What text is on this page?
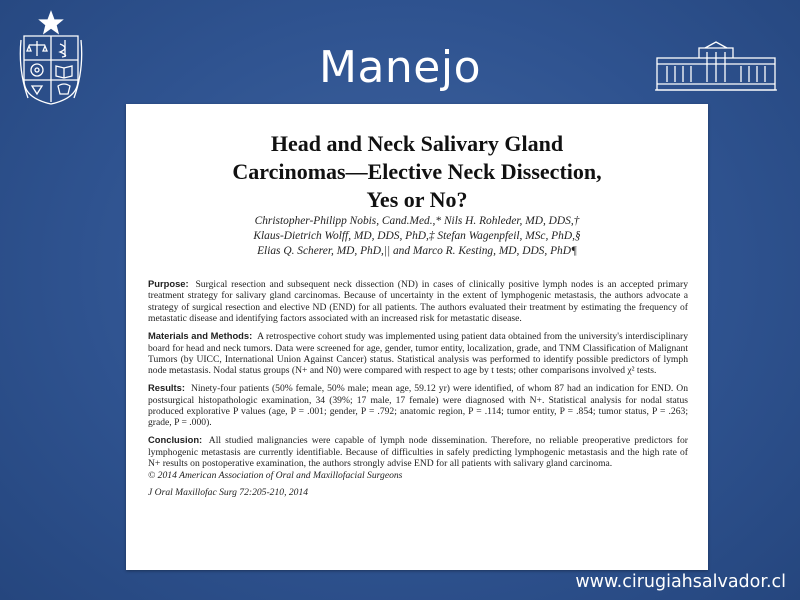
Manejo
Head and Neck Salivary Gland
Carcinomas—Elective Neck Dissection,
Yes or No?
Christopher-Philipp Nobis, Cand.Med.,* Nils H. Rohleder, MD, DDS,†
Klaus-Dietrich Wolff, MD, DDS, PhD,‡ Stefan Wagenpfeil, MSc, PhD,§
Elias Q. Scherer, MD, PhD,|| and Marco R. Kesting, MD, DDS, PhD¶

Purpose: Surgical resection and subsequent neck dissection (ND) in cases of clinically positive lymph nodes is an accepted primary treatment strategy for salivary gland carcinomas. Because of uncertainty in the extent of lymphogenic metastasis, the authors advocate a strategy of surgical resection and elective ND (END) for all patients. The authors evaluated their treatment by estimating the frequency of metastatic disease and identifying factors associated with an increased risk for metastatic disease.

Materials and Methods: A retrospective cohort study was implemented using patient data obtained from the university's interdisciplinary board for head and neck tumors. Data were screened for age, gender, tumor entity, localization, grade, and TNM Classification of Malignant Tumors (by UICC, International Union Against Cancer) status. Statistical analysis was performed to identify possible predictors of lymph node metastasis. Nodal status groups (N+ and N0) were compared with respect to age by t tests; other comparisons involved χ² tests.

Results: Ninety-four patients (50% female, 50% male; mean age, 59.12 yr) were identified, of whom 87 had an indication for END. On postsurgical histopathologic examination, 34 (39%; 17 male, 17 female) were diagnosed with N+. Statistical analysis for nodal status produced explorative P values (age, P = .001; gender, P = .792; anatomic region, P = .114; tumor entity, P = .854; tumor status, P = .263; grade, P = .000).

Conclusion: All studied malignancies were capable of lymph node dissemination. Therefore, no reliable preoperative predictors for lymphogenic metastasis are currently identifiable. Because of difficulties in safely predicting lymphogenic metastasis and the high rate of N+ results on postoperative examination, the authors strongly advise END for all patients with salivary gland carcinoma.

© 2014 American Association of Oral and Maxillofacial Surgeons

J Oral Maxillofac Surg 72:205-210, 2014

www.cirugiahsalvador.cl
